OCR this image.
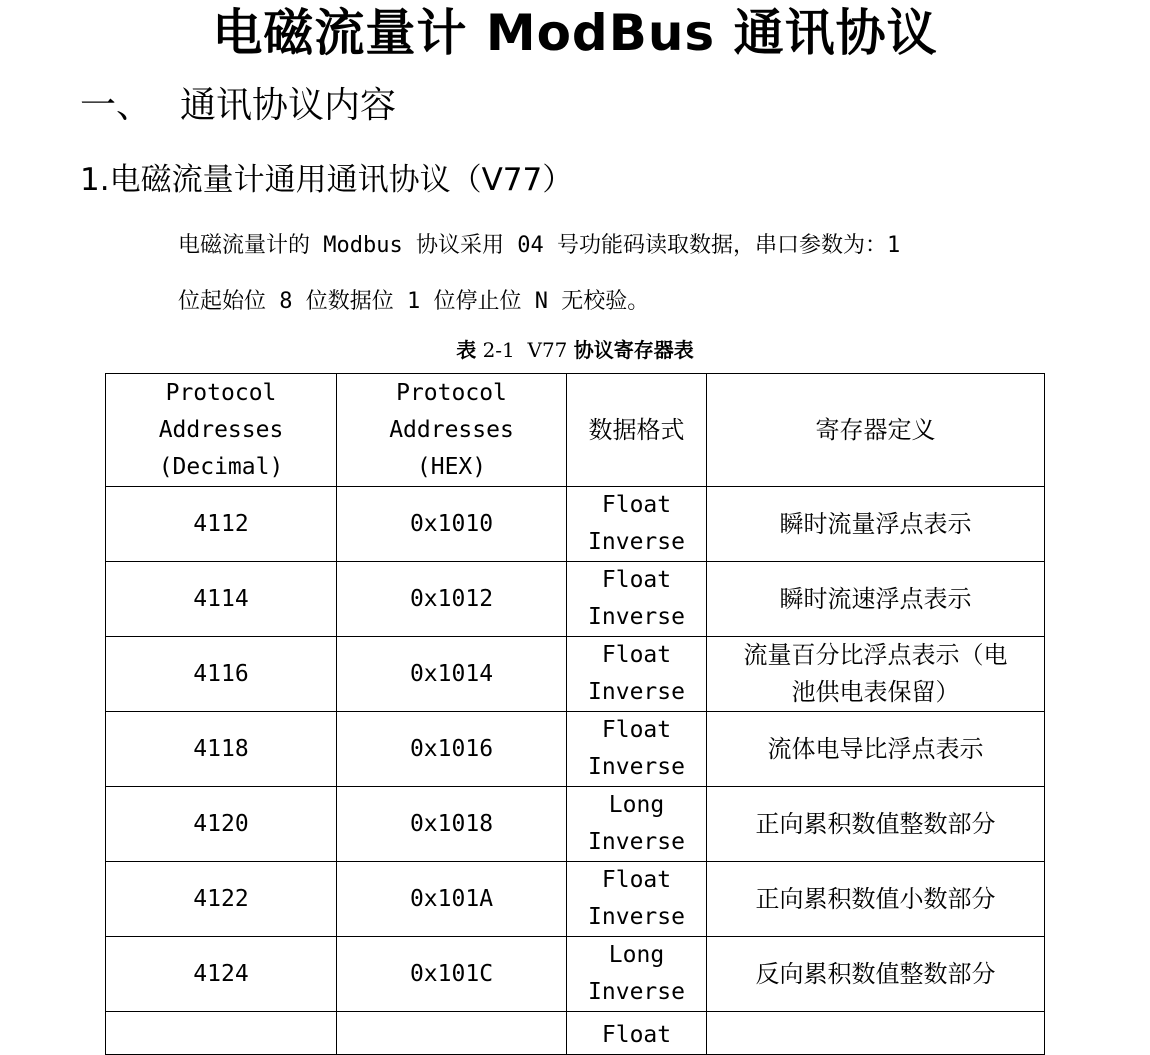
电磁流量计 ModBus 通讯协议
一、 通讯协议内容
1.电磁流量计通用通讯协议（V77）
电磁流量计的 Modbus 协议采用 04 号功能码读取数据，串口参数为：1
位起始位 8 位数据位 1 位停止位 N 无校验。
表 2-1 V77 协议寄存器表
Protocol
Addresses
(Decimal)	Protocol
Addresses
(HEX)	数据格式	寄存器定义
4112	0x1010	Float
Inverse	瞬时流量浮点表示

4114	0x1012	Float
Inverse	瞬时流速浮点表示

4116	0x1014	Float
Inverse	流量百分比浮点表示（电
池供电表保留）

4118	0x1016	Float
Inverse	流体电导比浮点表示

4120	0x1018	Long
Inverse	正向累积数值整数部分

4122	0x101A	Float
Inverse	正向累积数值小数部分

4124	0x101C	Long
Inverse	反向累积数值整数部分

		Float	
